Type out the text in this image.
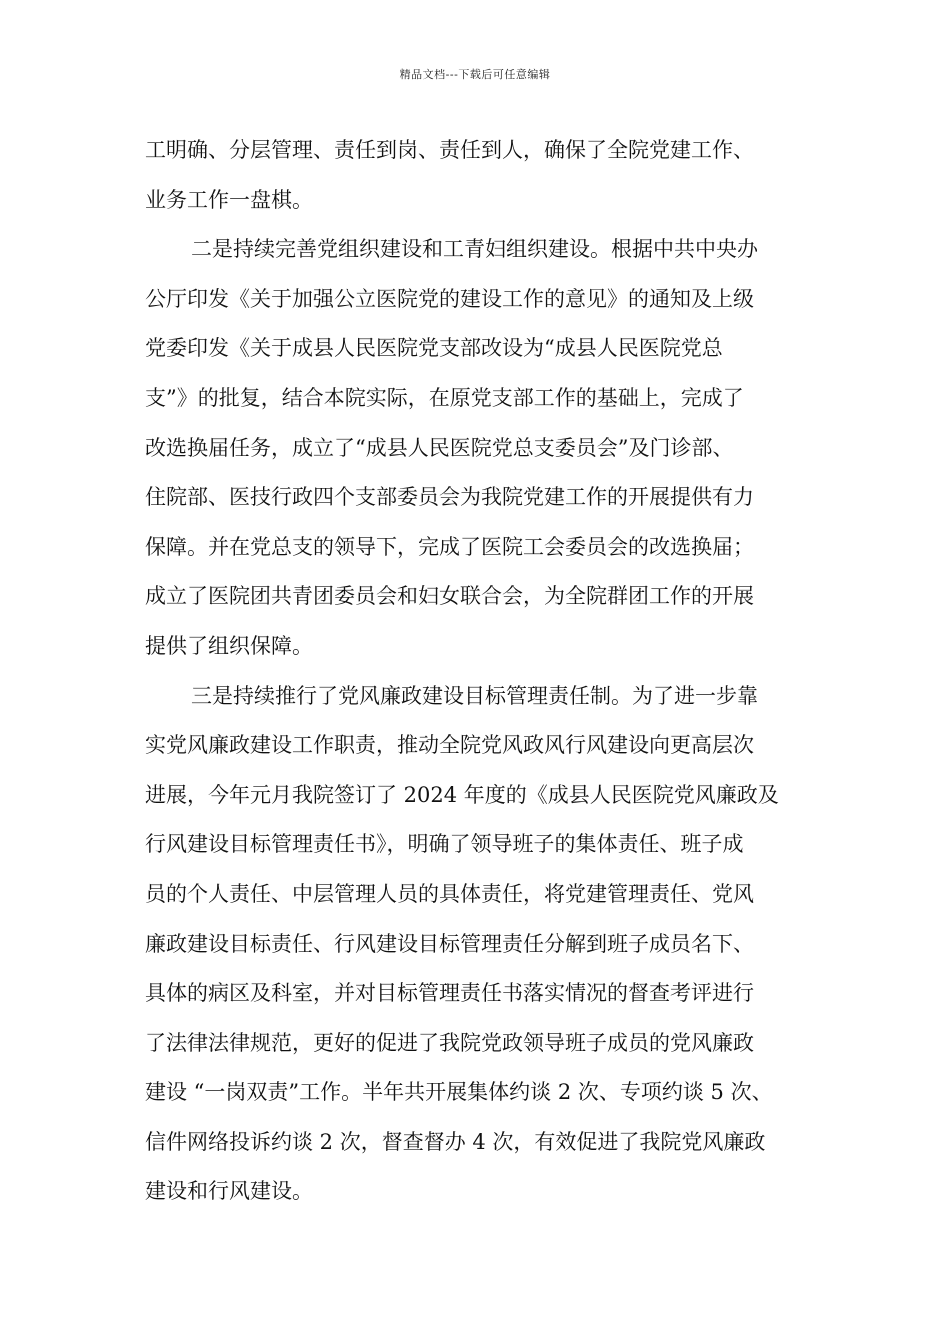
精品文档---下载后可任意编辑
工明确、分层管理、责任到岗、责任到人，确保了全院党建工作、
业务工作一盘棋。
二是持续完善党组织建设和工青妇组织建设。根据中共中央办
公厅印发《关于加强公立医院党的建设工作的意见》的通知及上级
党委印发《关于成县人民医院党支部改设为“成县人民医院党总
支”》的批复，结合本院实际，在原党支部工作的基础上，完成了
改选换届任务，成立了“成县人民医院党总支委员会”及门诊部、
住院部、医技行政四个支部委员会为我院党建工作的开展提供有力
保障。并在党总支的领导下，完成了医院工会委员会的改选换届；
成立了医院团共青团委员会和妇女联合会，为全院群团工作的开展
提供了组织保障。
三是持续推行了党风廉政建设目标管理责任制。为了进一步靠
实党风廉政建设工作职责，推动全院党风政风行风建设向更高层次
进展，今年元月我院签订了 2024 年度的《成县人民医院党风廉政及
行风建设目标管理责任书》，明确了领导班子的集体责任、班子成
员的个人责任、中层管理人员的具体责任，将党建管理责任、党风
廉政建设目标责任、行风建设目标管理责任分解到班子成员名下、
具体的病区及科室，并对目标管理责任书落实情况的督查考评进行
了法律法律规范，更好的促进了我院党政领导班子成员的党风廉政
建设 “一岗双责”工作。半年共开展集体约谈 2 次、专项约谈 5 次、
信件网络投诉约谈 2 次，督查督办 4 次，有效促进了我院党风廉政
建设和行风建设。
